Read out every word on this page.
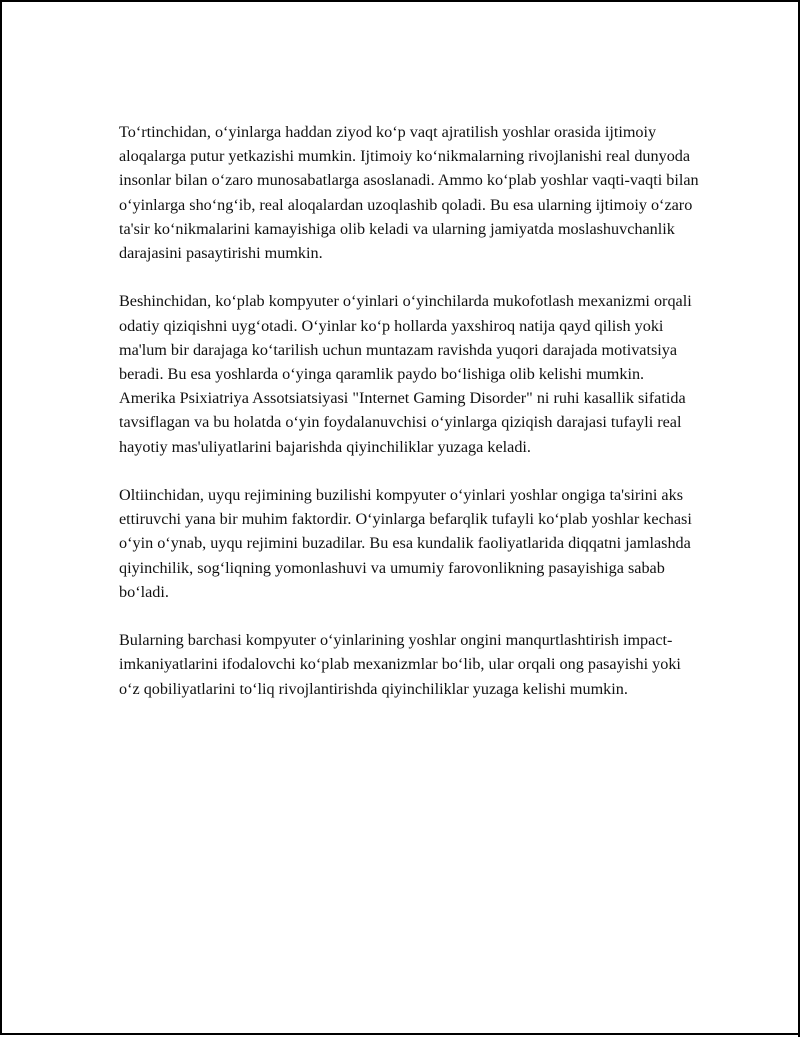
To‘rtinchidan, o‘yinlarga haddan ziyod ko‘p vaqt ajratilish yoshlar orasida ijtimoiy aloqalarga putur yetkazishi mumkin. Ijtimoiy ko‘nikmalarning rivojlanishi real dunyoda insonlar bilan o‘zaro munosabatlarga asoslanadi. Ammo ko‘plab yoshlar vaqti-vaqti bilan o‘yinlarga sho‘ng‘ib, real aloqalardan uzoqlashib qoladi. Bu esa ularning ijtimoiy o‘zaro ta'sir ko‘nikmalarini kamayishiga olib keladi va ularning jamiyatda moslashuvchanlik darajasini pasaytirishi mumkin.

Beshinchidan, ko‘plab kompyuter o‘yinlari o‘yinchilarda mukofotlash mexanizmi orqali odatiy qiziqishni uyg‘otadi. O‘yinlar ko‘p hollarda yaxshiroq natija qayd qilish yoki ma'lum bir darajaga ko‘tarilish uchun muntazam ravishda yuqori darajada motivatsiya beradi. Bu esa yoshlarda o‘yinga qaramlik paydo bo‘lishiga olib kelishi mumkin. Amerika Psixiatriya Assotsiatsiyasi "Internet Gaming Disorder" ni ruhi kasallik sifatida tavsiflagan va bu holatda o‘yin foydalanuvchisi o‘yinlarga qiziqish darajasi tufayli real hayotiy mas'uliyatlarini bajarishda qiyinchiliklar yuzaga keladi.

Oltiinchidan, uyqu rejimining buzilishi kompyuter o‘yinlari yoshlar ongiga ta'sirini aks ettiruvchi yana bir muhim faktordir. O‘yinlarga befarqlik tufayli ko‘plab yoshlar kechasi o‘yin o‘ynab, uyqu rejimini buzadilar. Bu esa kundalik faoliyatlarida diqqatni jamlashda qiyinchilik, sog‘liqning yomonlashuvi va umumiy farovonlikning pasayishiga sabab bo‘ladi.

Bularning barchasi kompyuter o‘yinlarining yoshlar ongini manqurtlashtirish impact-imkaniyatlarini ifodalovchi ko‘plab mexanizmlar bo‘lib, ular orqali ong pasayishi yoki o‘z qobiliyatlarini to‘liq rivojlantirishda qiyinchiliklar yuzaga kelishi mumkin.
